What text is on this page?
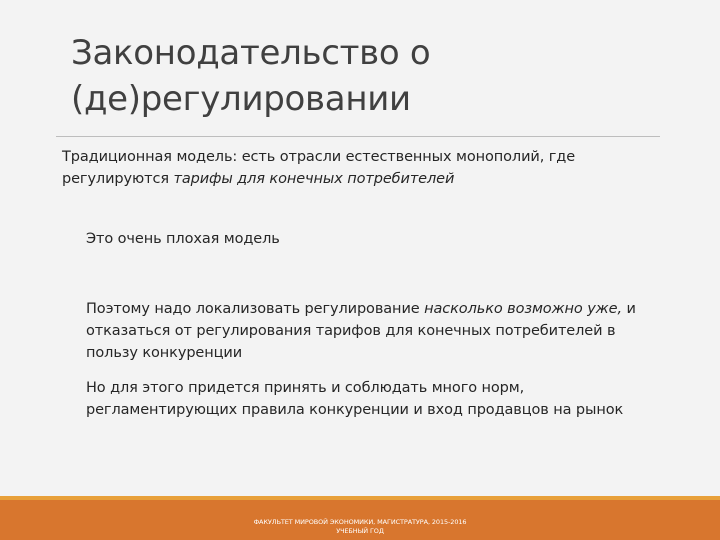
Законодательство о
(де)регулировании

Традиционная модель: есть отрасли естественных монополий, где регулируются тарифы для конечных потребителей

Это очень плохая модель

Поэтому надо локализовать регулирование насколько возможно уже, и отказаться от регулирования тарифов для конечных потребителей в пользу конкуренции

Но для этого придется принять и соблюдать много норм, регламентирующих правила конкуренции и вход продавцов на рынок

ФАКУЛЬТЕТ МИРОВОЙ ЭКОНОМИКИ, МАГИСТРАТУРА, 2015-2016
УЧЕБНЫЙ ГОД
